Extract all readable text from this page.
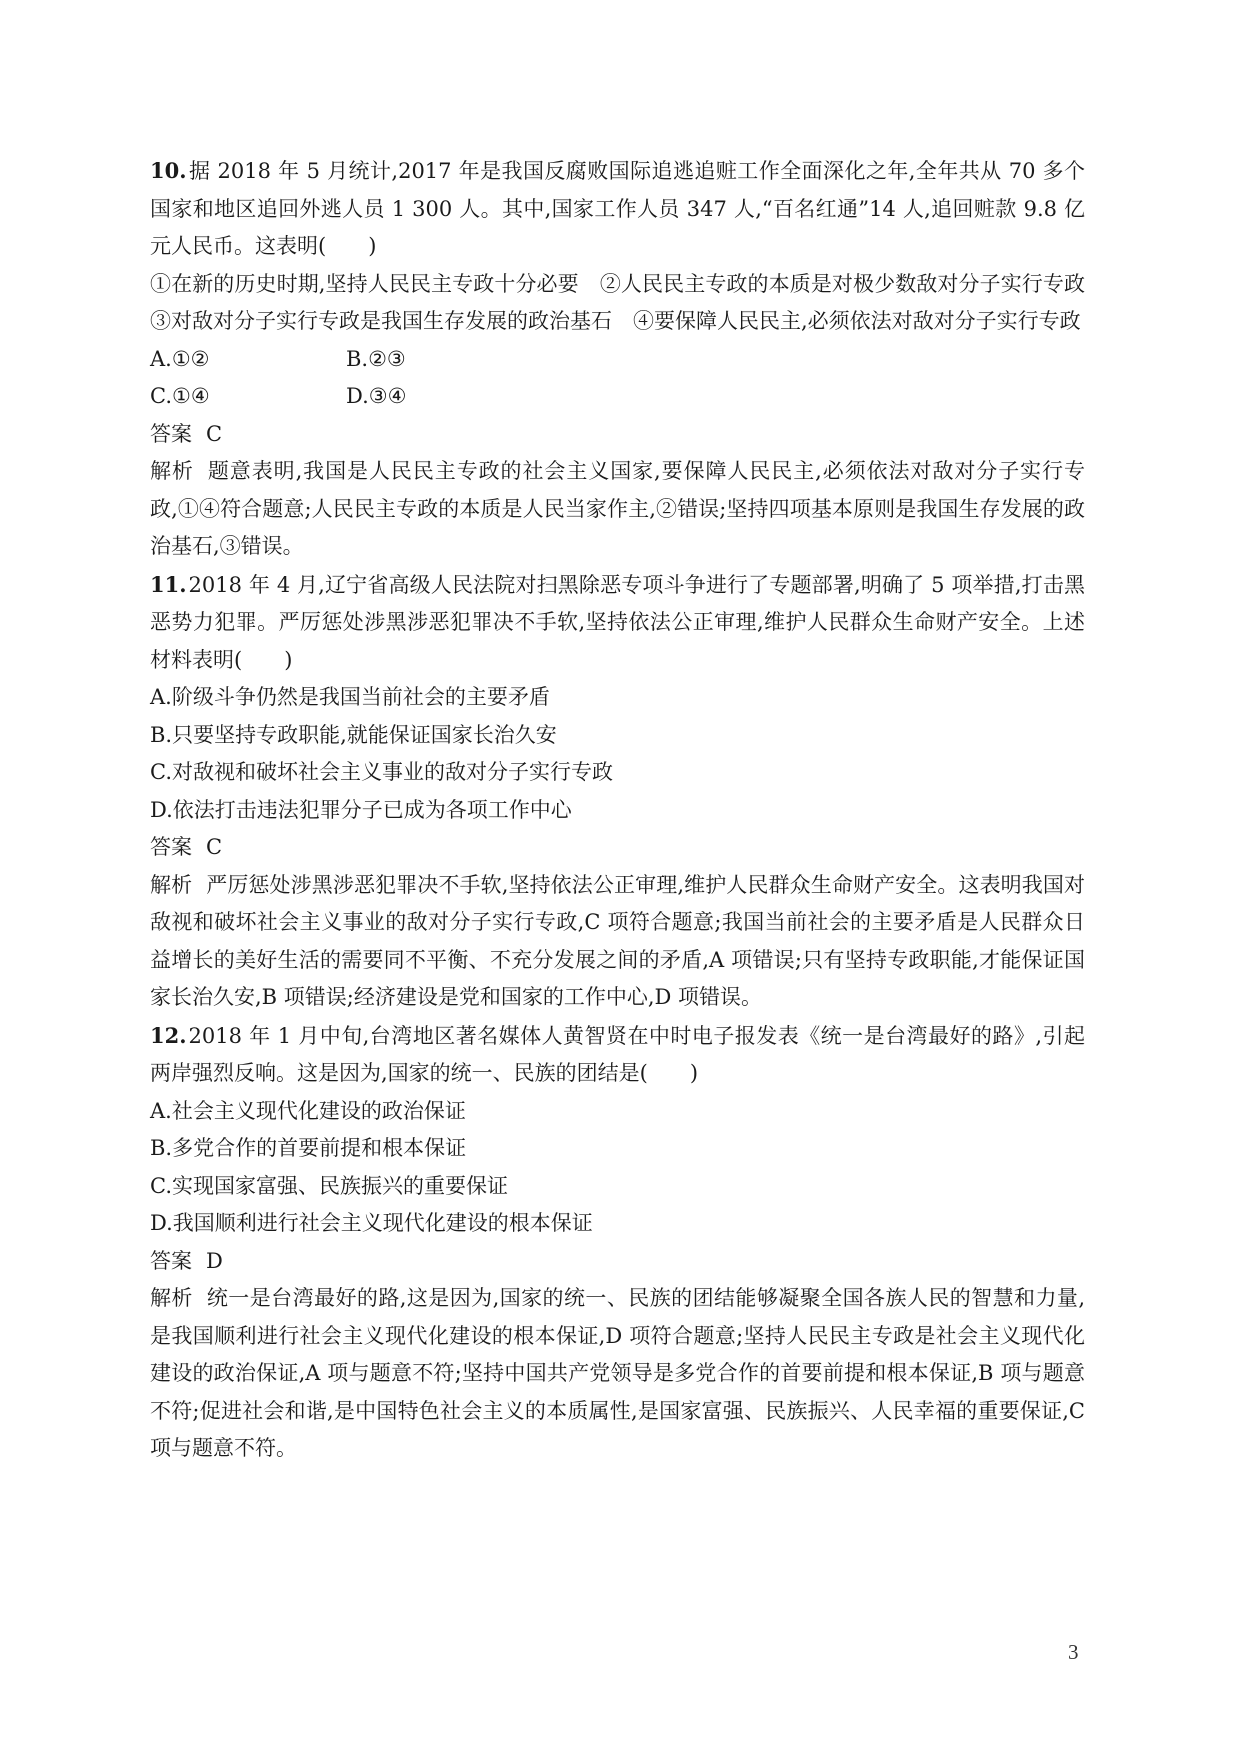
10.据 2018 年 5 月统计,2017 年是我国反腐败国际追逃追赃工作全面深化之年,全年共从 70 多个国家和地区追回外逃人员 1 300 人。其中,国家工作人员 347 人,“百名红通”14 人,追回赃款 9.8 亿元人民币。这表明(　　)

①在新的历史时期,坚持人民民主专政十分必要　②人民民主专政的本质是对极少数敌对分子实行专政　③对敌对分子实行专政是我国生存发展的政治基石　④要保障人民民主,必须依法对敌对分子实行专政

A.①②	B.②③
C.①④	D.③④

答案 C

解析 题意表明,我国是人民民主专政的社会主义国家,要保障人民民主,必须依法对敌对分子实行专政,①④符合题意;人民民主专政的本质是人民当家作主,②错误;坚持四项基本原则是我国生存发展的政治基石,③错误。

11.2018 年 4 月,辽宁省高级人民法院对扫黑除恶专项斗争进行了专题部署,明确了 5 项举措,打击黑恶势力犯罪。严厉惩处涉黑涉恶犯罪决不手软,坚持依法公正审理,维护人民群众生命财产安全。上述材料表明(　　)

A.阶级斗争仍然是我国当前社会的主要矛盾

B.只要坚持专政职能,就能保证国家长治久安

C.对敌视和破坏社会主义事业的敌对分子实行专政

D.依法打击违法犯罪分子已成为各项工作中心

答案 C

解析 严厉惩处涉黑涉恶犯罪决不手软,坚持依法公正审理,维护人民群众生命财产安全。这表明我国对敌视和破坏社会主义事业的敌对分子实行专政,C 项符合题意;我国当前社会的主要矛盾是人民群众日益增长的美好生活的需要同不平衡、不充分发展之间的矛盾,A 项错误;只有坚持专政职能,才能保证国家长治久安,B 项错误;经济建设是党和国家的工作中心,D 项错误。

12.2018 年 1 月中旬,台湾地区著名媒体人黄智贤在中时电子报发表《统一是台湾最好的路》,引起两岸强烈反响。这是因为,国家的统一、民族的团结是(　　)

A.社会主义现代化建设的政治保证

B.多党合作的首要前提和根本保证

C.实现国家富强、民族振兴的重要保证

D.我国顺利进行社会主义现代化建设的根本保证

答案 D

解析 统一是台湾最好的路,这是因为,国家的统一、民族的团结能够凝聚全国各族人民的智慧和力量,是我国顺利进行社会主义现代化建设的根本保证,D 项符合题意;坚持人民民主专政是社会主义现代化建设的政治保证,A 项与题意不符;坚持中国共产党领导是多党合作的首要前提和根本保证,B 项与题意不符;促进社会和谐,是中国特色社会主义的本质属性,是国家富强、民族振兴、人民幸福的重要保证,C 项与题意不符。

3
